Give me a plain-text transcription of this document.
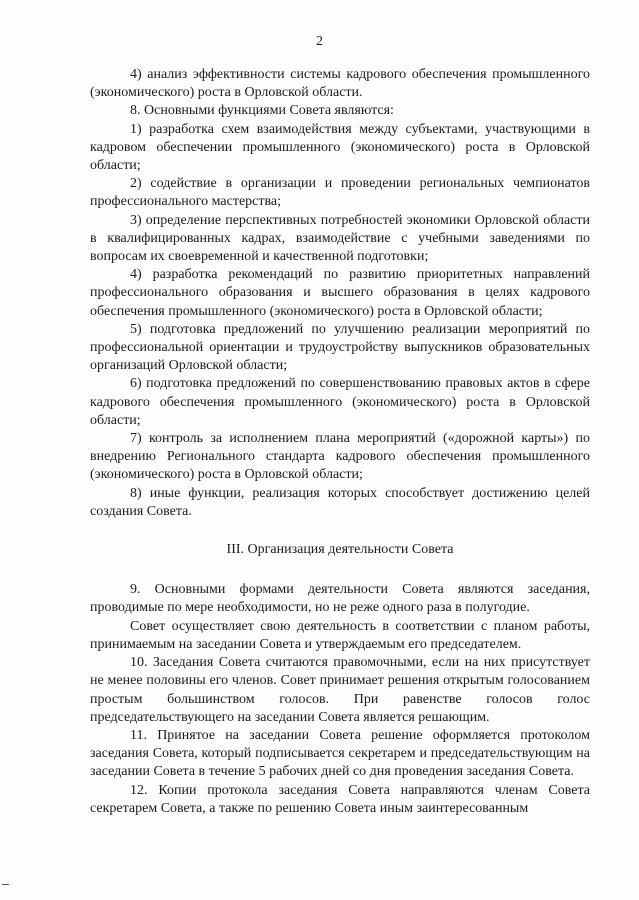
2

4) анализ эффективности системы кадрового обеспечения промышленного (экономического) роста в Орловской области.

8. Основными функциями Совета являются:

1) разработка схем взаимодействия между субъектами, участвующими в кадровом обеспечении промышленного (экономического) роста в Орловской области;

2) содействие в организации и проведении региональных чемпионатов профессионального мастерства;

3) определение перспективных потребностей экономики Орловской области в квалифицированных кадрах, взаимодействие с учебными заведениями по вопросам их своевременной и качественной подготовки;

4) разработка рекомендаций по развитию приоритетных направлений профессионального образования и высшего образования в целях кадрового обеспечения промышленного (экономического) роста в Орловской области;

5) подготовка предложений по улучшению реализации мероприятий по профессиональной ориентации и трудоустройству выпускников образовательных организаций Орловской области;

6) подготовка предложений по совершенствованию правовых актов в сфере кадрового обеспечения промышленного (экономического) роста в Орловской области;

7) контроль за исполнением плана мероприятий («дорожной карты») по внедрению Регионального стандарта кадрового обеспечения промышленного (экономического) роста в Орловской области;

8) иные функции, реализация которых способствует достижению целей создания Совета.

III. Организация деятельности Совета

9. Основными формами деятельности Совета являются заседания, проводимые по мере необходимости, но не реже одного раза в полугодие.

Совет осуществляет свою деятельность в соответствии с планом работы, принимаемым на заседании Совета и утверждаемым его председателем.

10. Заседания Совета считаются правомочными, если на них присутствует не менее половины его членов. Совет принимает решения открытым голосованием простым большинством голосов. При равенстве голосов голос председательствующего на заседании Совета является решающим.

11. Принятое на заседании Совета решение оформляется протоколом заседания Совета, который подписывается секретарем и председательствующим на заседании Совета в течение 5 рабочих дней со дня проведения заседания Совета.

12. Копии протокола заседания Совета направляются членам Совета секретарем Совета, а также по решению Совета иным заинтересованным
